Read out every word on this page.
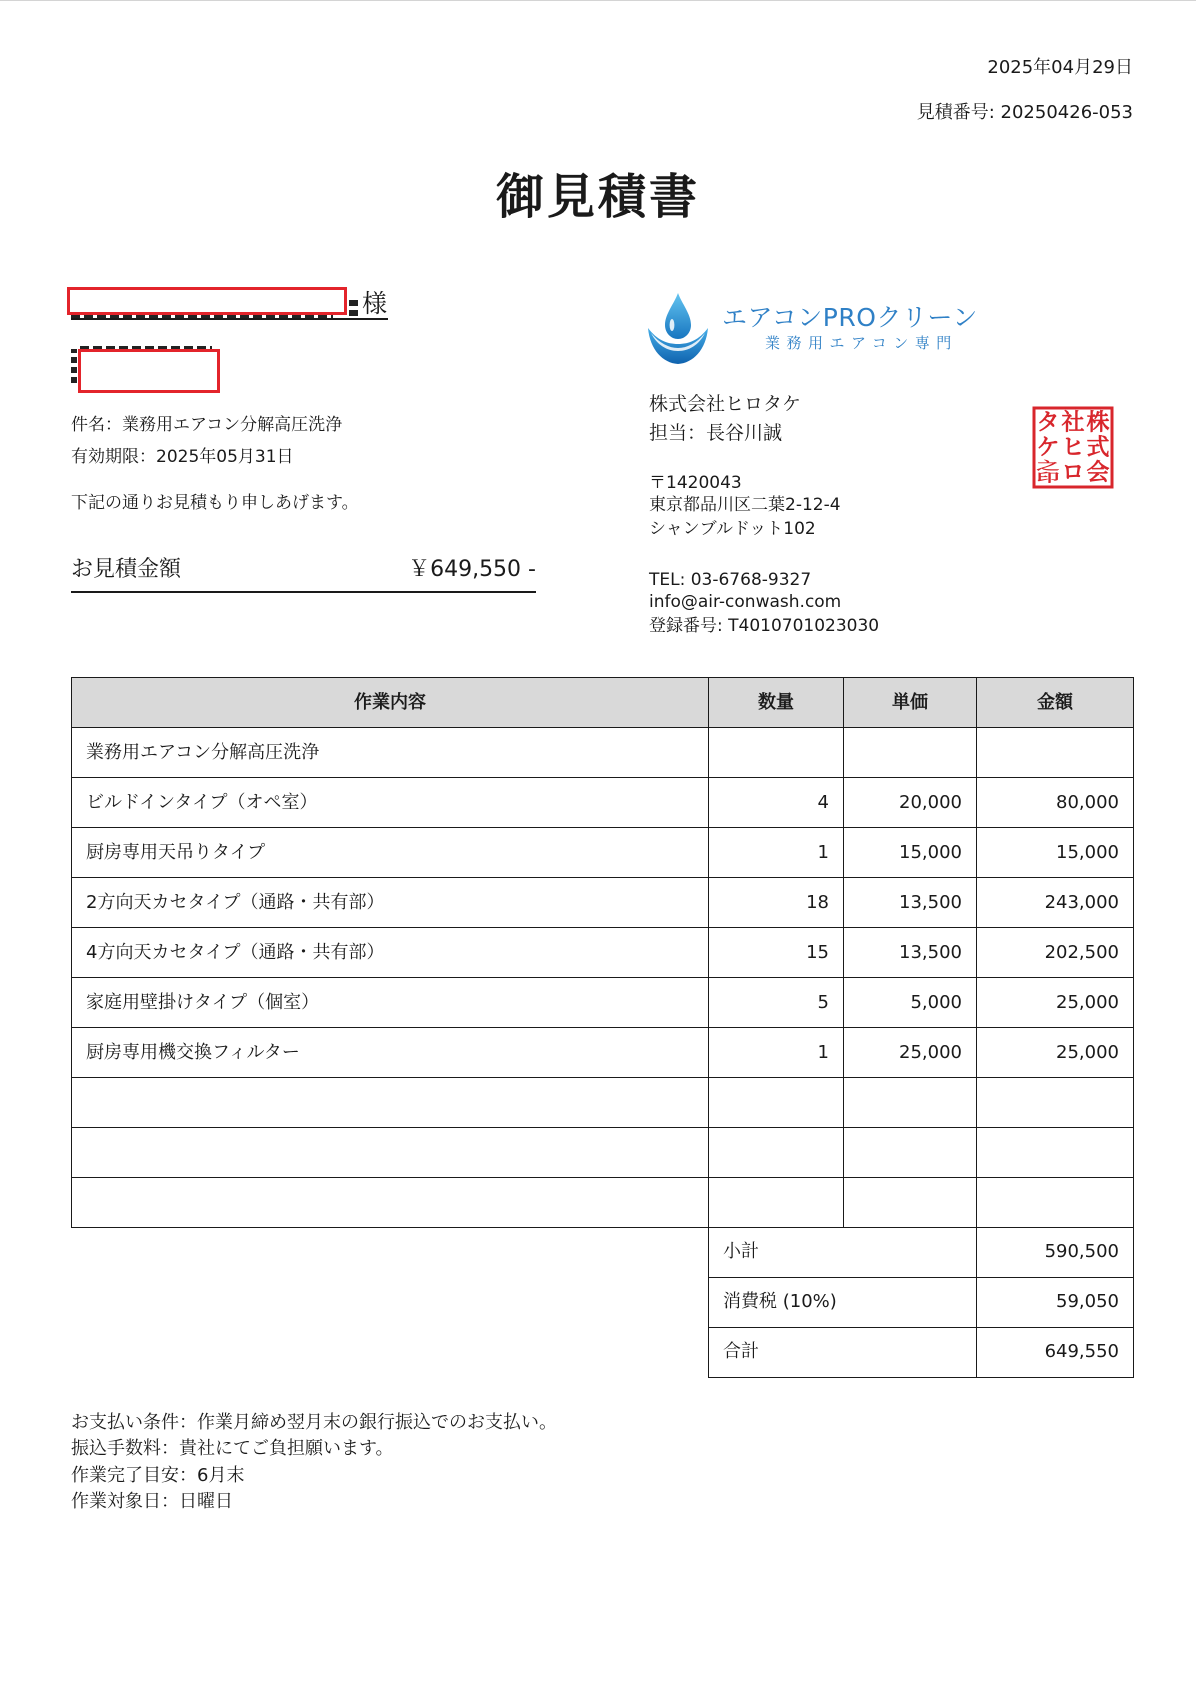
2025年04月29日
見積番号: 20250426-053
御見積書
様
件名：業務用エアコン分解高圧洗浄
有効期限：2025年05月31日
下記の通りお見積もり申しあげます。
お見積金額	￥649,550 -
エアコンPROクリーン
業務用エアコン専門
株式会社ヒロタケ
担当：長谷川誠
〒1420043
東京都品川区二葉2-12-4
シャンブルドット102
TEL: 03-6768-9327
info@air-conwash.com
登録番号: T4010701023030
株
式
会
社
ヒ
ロ
タ
ケ
之
印
作業内容	数量	単価	金額
業務用エアコン分解高圧洗浄			
ビルドインタイプ（オペ室）	4	20,000	80,000
厨房専用天吊りタイプ	1	15,000	15,000
2方向天カセタイプ（通路・共有部）	18	13,500	243,000
4方向天カセタイプ（通路・共有部）	15	13,500	202,500
家庭用壁掛けタイプ（個室）	5	5,000	25,000
厨房専用機交換フィルター	1	25,000	25,000

小計	590,500
消費税 (10%)	59,050
合計	649,550
お支払い条件：作業月締め翌月末の銀行振込でのお支払い。
振込手数料：貴社にてご負担願います。
作業完了目安：6月末
作業対象日：日曜日
